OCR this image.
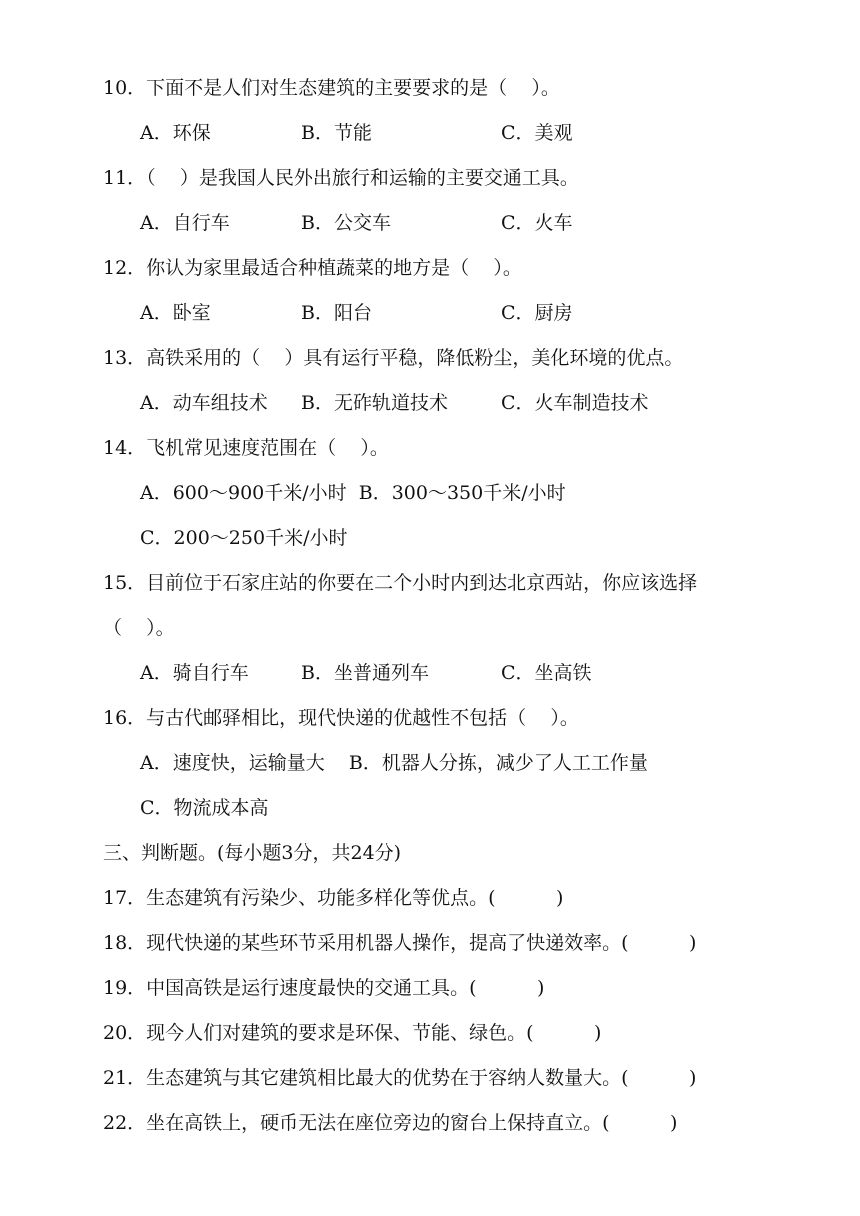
10．下面不是人们对生态建筑的主要要求的是（    ）。
A．环保	B．节能	C．美观
11．（    ）是我国人民外出旅行和运输的主要交通工具。
A．自行车	B．公交车	C．火车
12．你认为家里最适合种植蔬菜的地方是（    ）。
A．卧室	B．阳台	C．厨房
13．高铁采用的（    ）具有运行平稳，降低粉尘，美化环境的优点。
A．动车组技术 B．无砟轨道技术	C．火车制造技术
14．飞机常见速度范围在（    ）。
A．600～900千米/小时  B．300～350千米/小时
C．200～250千米/小时
15．目前位于石家庄站的你要在二个小时内到达北京西站，你应该选择
（    ）。
A．骑自行车	B．坐普通列车	C．坐高铁
16．与古代邮驿相比，现代快递的优越性不包括（    ）。
A．速度快，运输量大    B．机器人分拣，减少了人工工作量
C．物流成本高
三、判断题。(每小题3分，共24分)
17．生态建筑有污染少、功能多样化等优点。(          )
18．现代快递的某些环节采用机器人操作，提高了快递效率。(          )
19．中国高铁是运行速度最快的交通工具。(          )
20．现今人们对建筑的要求是环保、节能、绿色。(          )
21．生态建筑与其它建筑相比最大的优势在于容纳人数量大。(          )
22．坐在高铁上，硬币无法在座位旁边的窗台上保持直立。(          )
